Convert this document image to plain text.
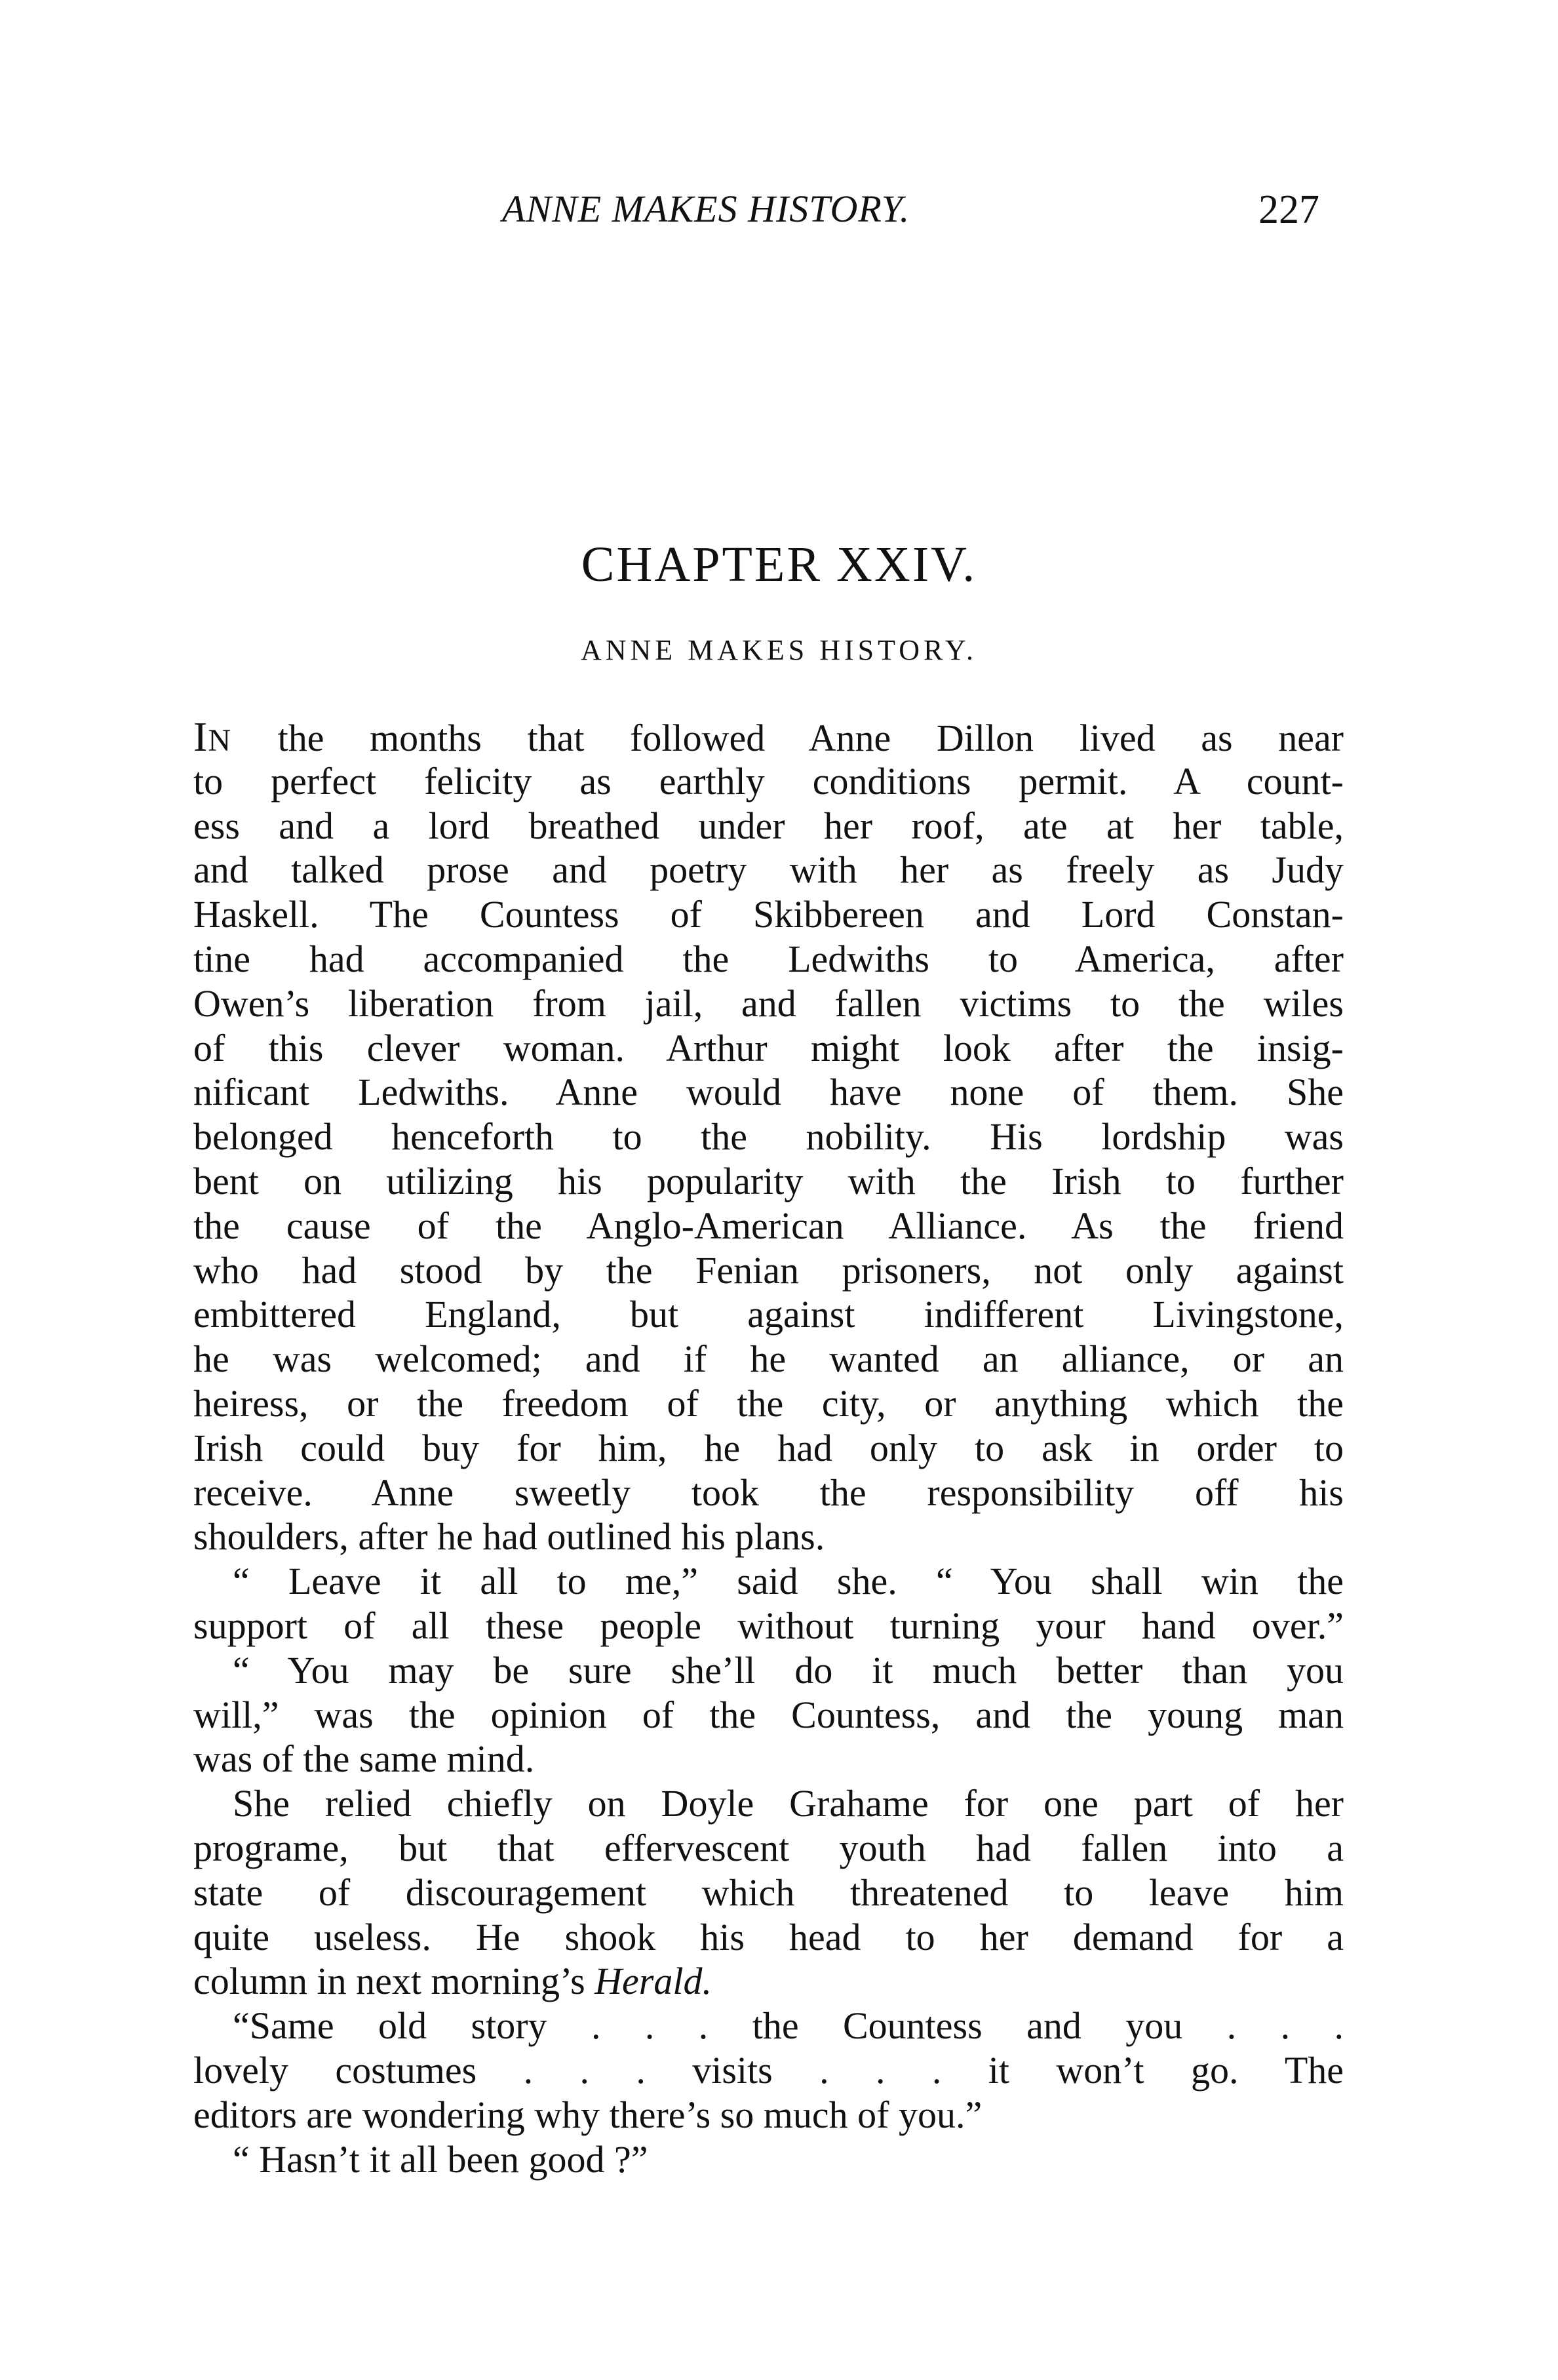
ANNE MAKES HISTORY.	227
CHAPTER XXIV.
ANNE MAKES HISTORY.
IN the months that followed Anne Dillon lived as near
to perfect felicity as earthly conditions permit. A count-
ess and a lord breathed under her roof, ate at her table,
and talked prose and poetry with her as freely as Judy
Haskell. The Countess of Skibbereen and Lord Constan-
tine had accompanied the Ledwiths to America, after
Owen’s liberation from jail, and fallen victims to the wiles
of this clever woman. Arthur might look after the insig-
nificant Ledwiths. Anne would have none of them. She
belonged henceforth to the nobility. His lordship was
bent on utilizing his popularity with the Irish to further
the cause of the Anglo-American Alliance. As the friend
who had stood by the Fenian prisoners, not only against
embittered England, but against indifferent Livingstone,
he was welcomed; and if he wanted an alliance, or an
heiress, or the freedom of the city, or anything which the
Irish could buy for him, he had only to ask in order to
receive. Anne sweetly took the responsibility off his
shoulders, after he had outlined his plans.
“ Leave it all to me,” said she. “ You shall win the
support of all these people without turning your hand over.”
“ You may be sure she’ll do it much better than you
will,” was the opinion of the Countess, and the young man
was of the same mind.
She relied chiefly on Doyle Grahame for one part of her
programe, but that effervescent youth had fallen into a
state of discouragement which threatened to leave him
quite useless. He shook his head to her demand for a
column in next morning’s Herald.
“Same old story . . . the Countess and you . . .
lovely costumes . . . visits . . . it won’t go. The
editors are wondering why there’s so much of you.”
“ Hasn’t it all been good ?”
